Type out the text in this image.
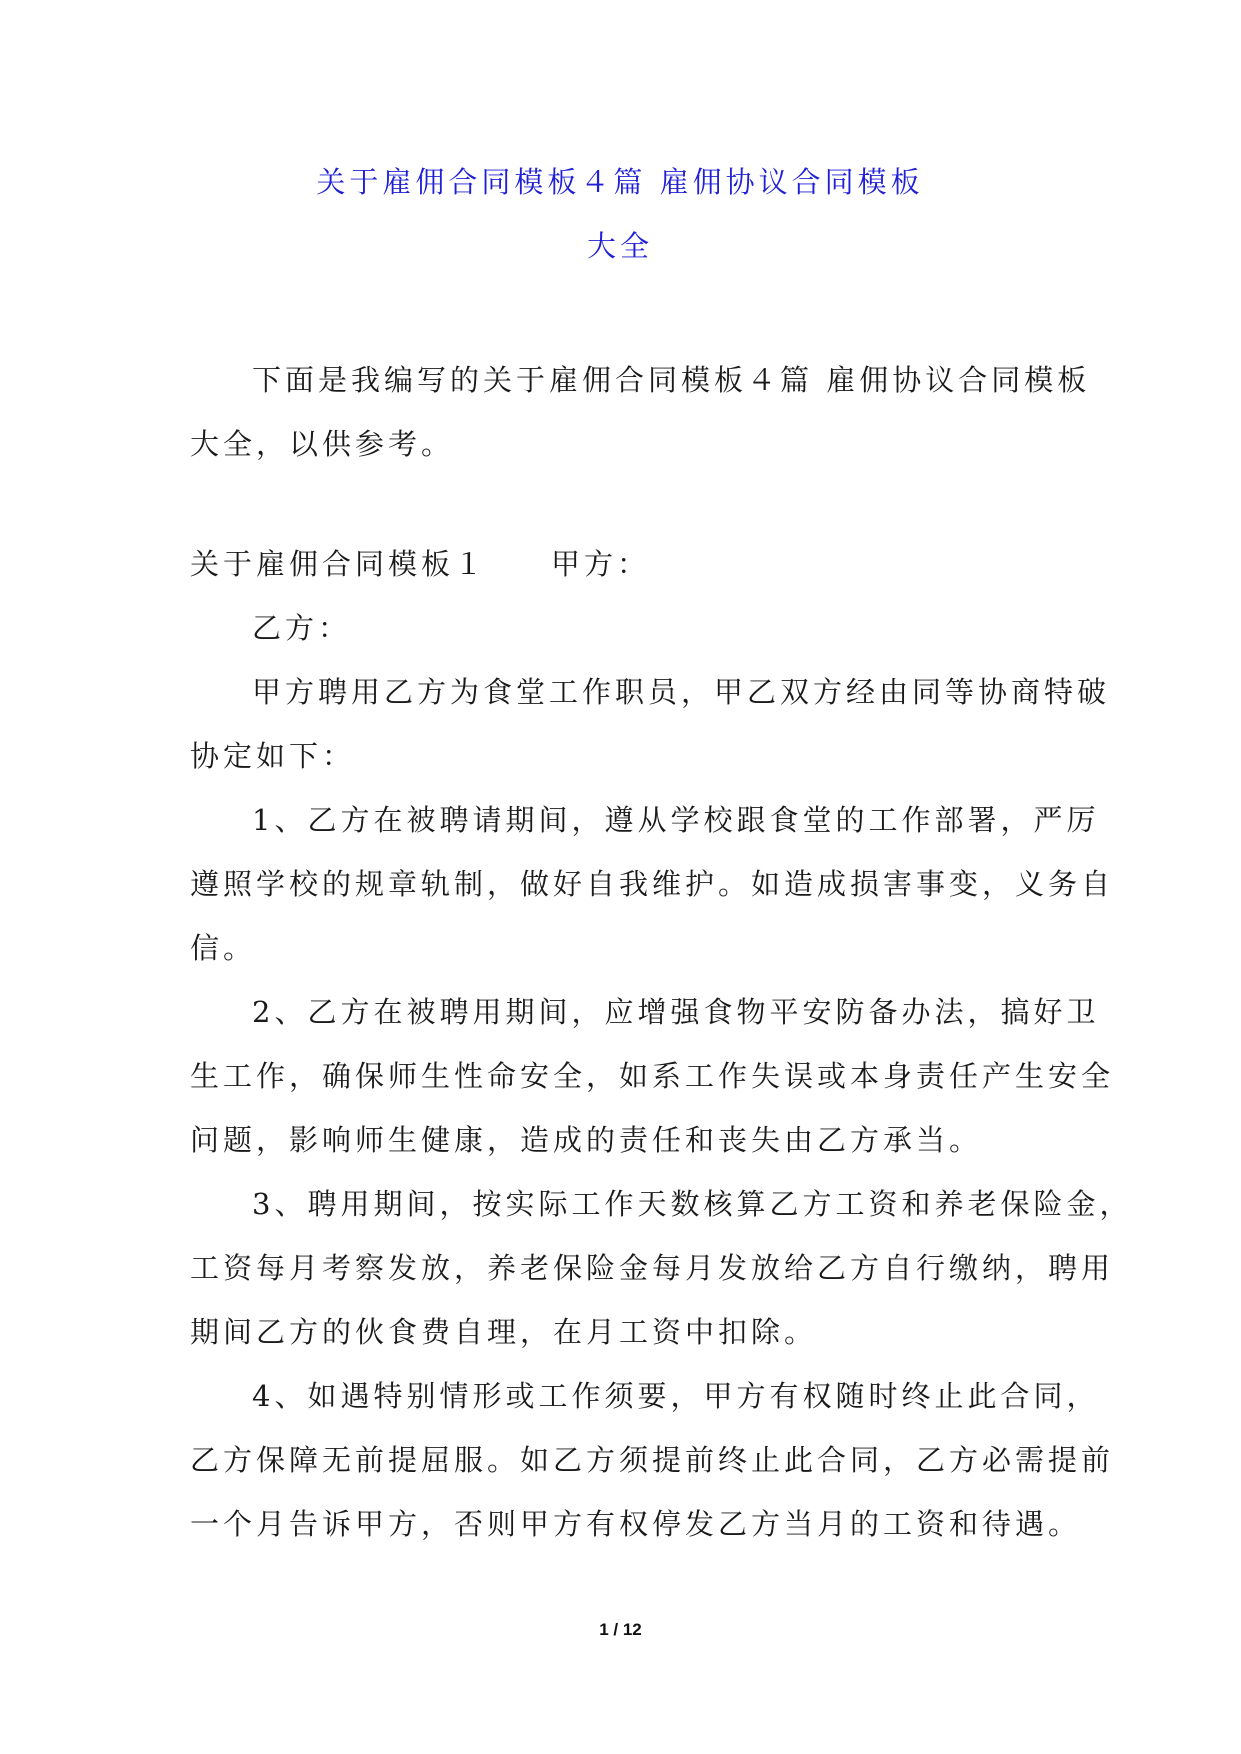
关于雇佣合同模板４篇 雇佣协议合同模板
大全
下面是我编写的关于雇佣合同模板４篇 雇佣协议合同模板
大全，以供参考。
关于雇佣合同模板１ 甲方：
乙方：
甲方聘用乙方为食堂工作职员，甲乙双方经由同等协商特破
协定如下：
1、乙方在被聘请期间，遵从学校跟食堂的工作部署，严厉
遵照学校的规章轨制，做好自我维护。如造成损害事变，义务自
信。
2、乙方在被聘用期间，应增强食物平安防备办法，搞好卫
生工作，确保师生性命安全，如系工作失误或本身责任产生安全
问题，影响师生健康，造成的责任和丧失由乙方承当。
3、聘用期间，按实际工作天数核算乙方工资和养老保险金，
工资每月考察发放，养老保险金每月发放给乙方自行缴纳，聘用
期间乙方的伙食费自理，在月工资中扣除。
4、如遇特别情形或工作须要，甲方有权随时终止此合同，
乙方保障无前提屈服。如乙方须提前终止此合同，乙方必需提前
一个月告诉甲方，否则甲方有权停发乙方当月的工资和待遇。
1 / 12
